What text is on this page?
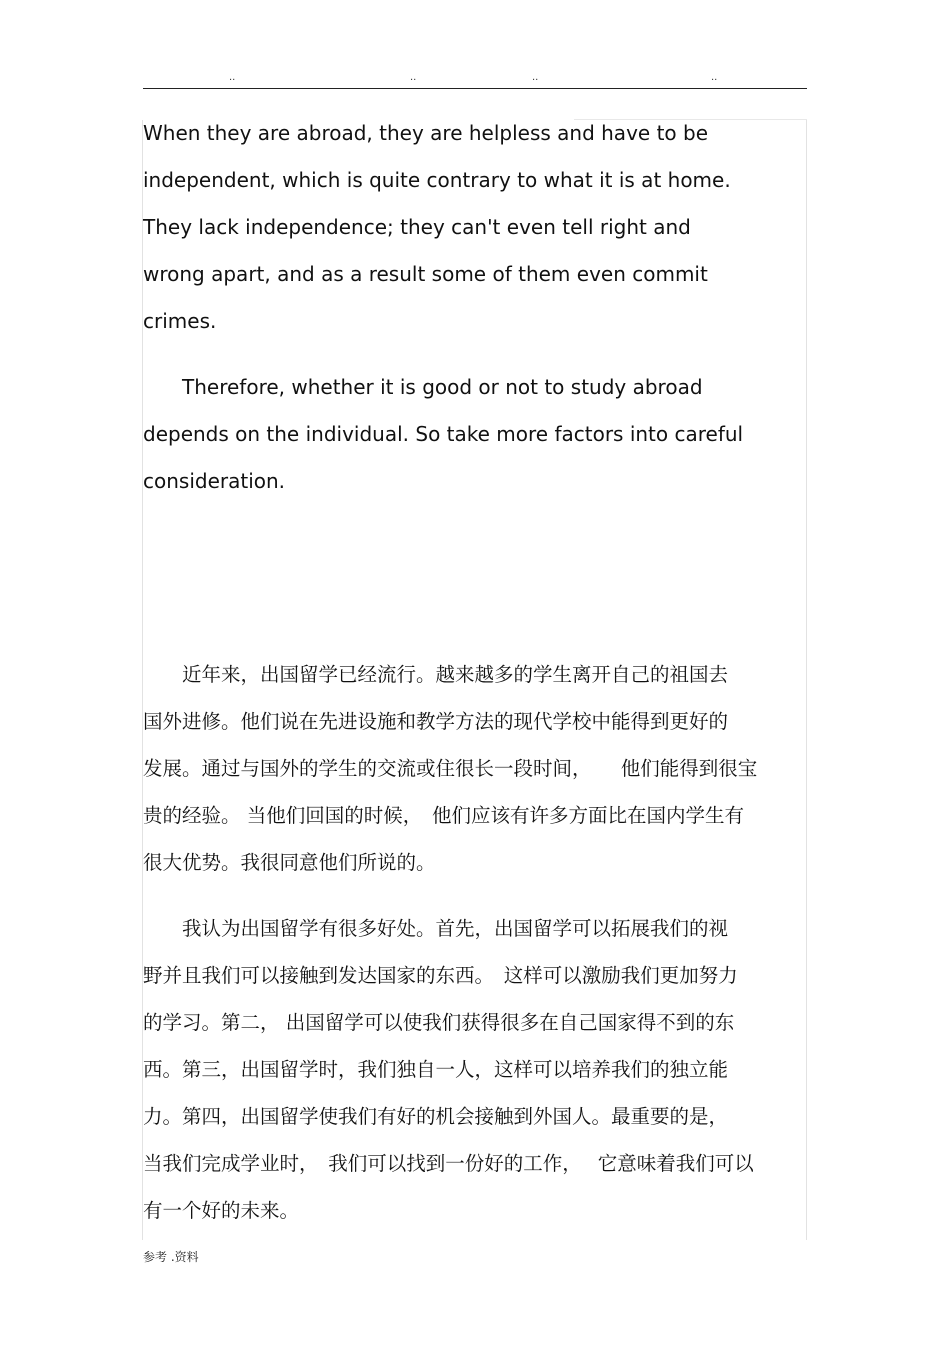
..	..	..	..
When they are abroad, they are helpless and have to be
independent, which is quite contrary to what it is at home.
They lack independence; they can't even tell right and
wrong apart, and as a result some of them even commit
crimes.
Therefore, whether it is good or not to study abroad
depends on the individual. So take more factors into careful
consideration.
近年来，出国留学已经流行。越来越多的学生离开自己的祖国去
国外进修。他们说在先进设施和教学方法的现代学校中能得到更好的
发展。通过与国外的学生的交流或住很长一段时间，　　他们能得到很宝
贵的经验。 当他们回国的时候，　他们应该有许多方面比在国内学生有
很大优势。我很同意他们所说的。
我认为出国留学有很多好处。首先，出国留学可以拓展我们的视
野并且我们可以接触到发达国家的东西。　这样可以激励我们更加努力
的学习。第二， 出国留学可以使我们获得很多在自己国家得不到的东
西。第三，出国留学时，我们独自一人，这样可以培养我们的独立能
力。第四，出国留学使我们有好的机会接触到外国人。最重要的是，
当我们完成学业时，　我们可以找到一份好的工作，　 它意味着我们可以
有一个好的未来。
参考 .资料
